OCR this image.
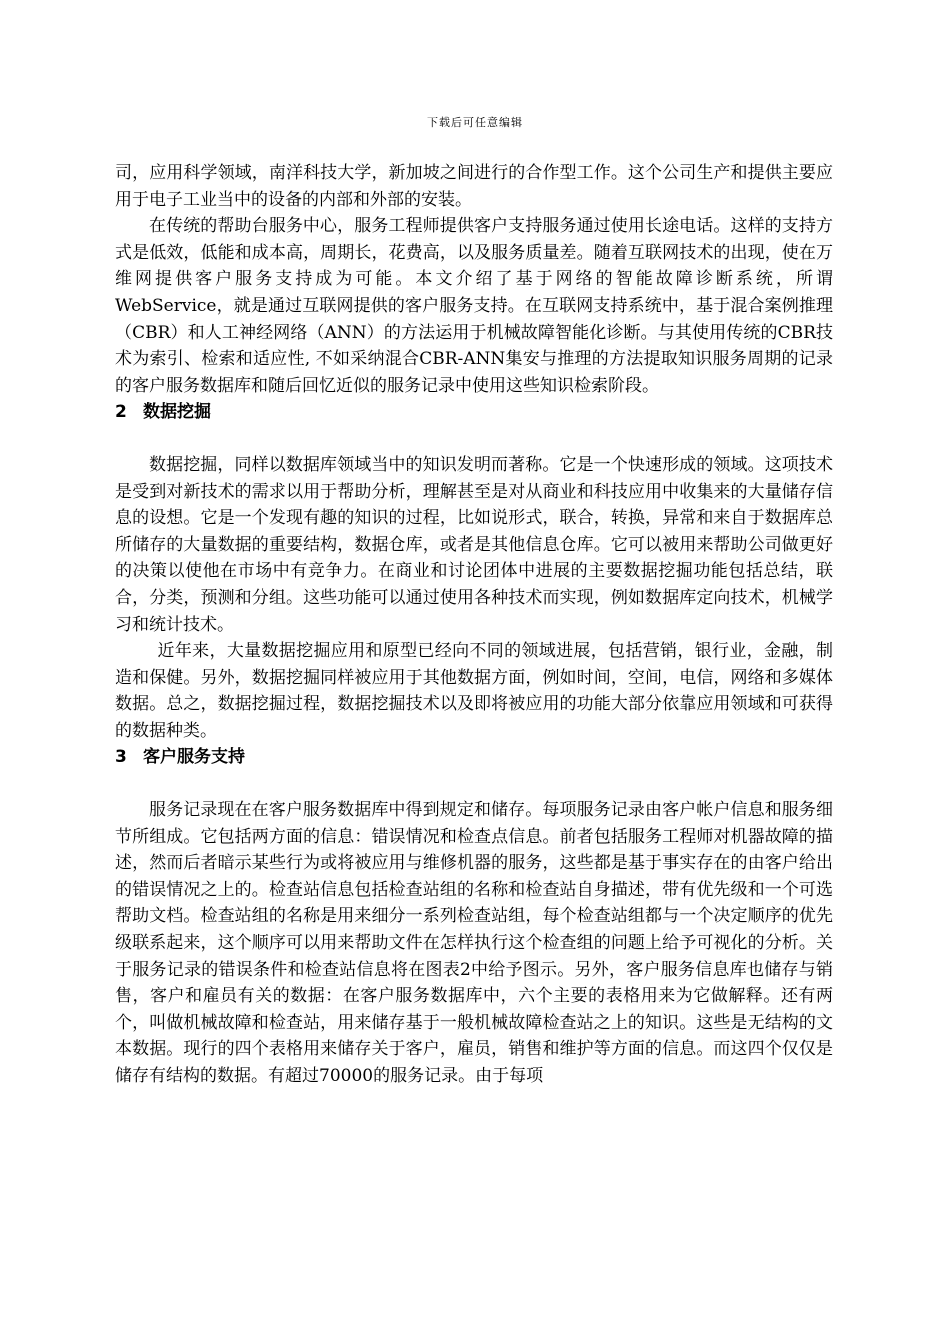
下载后可任意编辑

司，应用科学领域，南洋科技大学，新加坡之间进行的合作型工作。这个公司生产和提供主要应用于电子工业当中的设备的内部和外部的安装。

在传统的帮助台服务中心，服务工程师提供客户支持服务通过使用长途电话。这样的支持方式是低效，低能和成本高，周期长，花费高，以及服务质量差。随着互联网技术的出现，使在万维网提供客户服务支持成为可能。本文介绍了基于网络的智能故障诊断系统，所谓WebService，就是通过互联网提供的客户服务支持。在互联网支持系统中，基于混合案例推理（CBR）和人工神经网络（ANN）的方法运用于机械故障智能化诊断。与其使用传统的CBR技术为索引、检索和适应性, 不如采纳混合CBR-ANN集安与推理的方法提取知识服务周期的记录的客户服务数据库和随后回忆近似的服务记录中使用这些知识检索阶段。

2 数据挖掘

数据挖掘，同样以数据库领域当中的知识发明而著称。它是一个快速形成的领域。这项技术是受到对新技术的需求以用于帮助分析，理解甚至是对从商业和科技应用中收集来的大量储存信息的设想。它是一个发现有趣的知识的过程，比如说形式，联合，转换，异常和来自于数据库总所储存的大量数据的重要结构，数据仓库，或者是其他信息仓库。它可以被用来帮助公司做更好的决策以使他在市场中有竞争力。在商业和讨论团体中进展的主要数据挖掘功能包括总结，联合，分类，预测和分组。这些功能可以通过使用各种技术而实现，例如数据库定向技术，机械学习和统计技术。

近年来，大量数据挖掘应用和原型已经向不同的领域进展，包括营销，银行业，金融，制造和保健。另外，数据挖掘同样被应用于其他数据方面，例如时间，空间，电信，网络和多媒体数据。总之，数据挖掘过程，数据挖掘技术以及即将被应用的功能大部分依靠应用领域和可获得的数据种类。

3 客户服务支持

服务记录现在在客户服务数据库中得到规定和储存。每项服务记录由客户帐户信息和服务细节所组成。它包括两方面的信息：错误情况和检查点信息。前者包括服务工程师对机器故障的描述，然而后者暗示某些行为或将被应用与维修机器的服务，这些都是基于事实存在的由客户给出的错误情况之上的。检查站信息包括检查站组的名称和检查站自身描述，带有优先级和一个可选帮助文档。检查站组的名称是用来细分一系列检查站组，每个检查站组都与一个决定顺序的优先级联系起来，这个顺序可以用来帮助文件在怎样执行这个检查组的问题上给予可视化的分析。关于服务记录的错误条件和检查站信息将在图表2中给予图示。另外，客户服务信息库也储存与销售，客户和雇员有关的数据：在客户服务数据库中，六个主要的表格用来为它做解释。还有两个，叫做机械故障和检查站，用来储存基于一般机械故障检查站之上的知识。这些是无结构的文本数据。现行的四个表格用来储存关于客户，雇员，销售和维护等方面的信息。而这四个仅仅是储存有结构的数据。有超过70000的服务记录。由于每项
